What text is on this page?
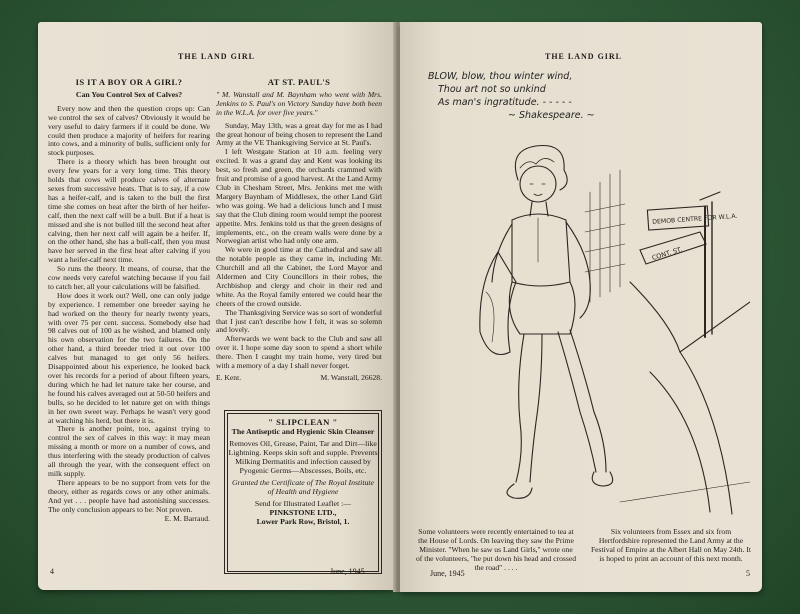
THE LAND GIRL
IS IT A BOY OR A GIRL?
Can You Control Sex of Calves?

Every now and then the question crops up: Can we control the sex of calves? Obviously it would be very useful to dairy farmers if it could be done. We could then produce a majority of heifers for rearing into cows, and a minority of bulls, sufficient only for stock purposes.

There is a theory which has been brought out every few years for a very long time. This theory holds that cows will produce calves of alternate sexes from successive heats. That is to say, if a cow has a heifer-calf, and is taken to the bull the first time she comes on heat after the birth of her heifer-calf, then the next calf will be a bull. But if a heat is missed and she is not bulled till the second heat after calving, then her next calf will again be a heifer. If, on the other hand, she has a bull-calf, then you must have her served in the first heat after calving if you want a heifer-calf next time.

So runs the theory. It means, of course, that the cow needs very careful watching because if you fail to catch her, all your calculations will be falsified.

How does it work out? Well, one can only judge by experience. I remember one breeder saying he had worked on the theory for nearly twenty years, with over 75 per cent. success. Somebody else had 98 calves out of 100 as he wished, and blamed only his own observation for the two failures. On the other hand, a third breeder tried it out over 100 calves but managed to get only 56 heifers. Disappointed about his experience, he looked back over his records for a period of about fifteen years, during which he had let nature take her course, and he found his calves averaged out at 50-50 heifers and bulls, so he decided to let nature get on with things in her own sweet way. Perhaps he wasn't very good at watching his herd, but there it is.

There is another point, too, against trying to control the sex of calves in this way: it may mean missing a month or more on a number of cows, and thus interfering with the steady production of calves all through the year, with the consequent effect on milk supply.

There appears to be no support from vets for the theory, either as regards cows or any other animals. And yet . . . people have had astonishing successes. The only conclusion appears to be: Not proven.

E. M. Barraud.

AT ST. PAUL'S

" M. Wanstall and M. Baynham who went with Mrs. Jenkins to S. Paul's on Victory Sunday have both been in the W.L.A. for over five years."

Sunday, May 13th, was a great day for me as I had the great honour of being chosen to represent the Land Army at the VE Thanksgiving Service at St. Paul's.

I left Westgate Station at 10 a.m. feeling very excited. It was a grand day and Kent was looking its best, so fresh and green, the orchards crammed with fruit and promise of a good harvest. At the Land Army Club in Chesham Street, Mrs. Jenkins met me with Margery Baynham of Middlesex, the other Land Girl who was going. We had a delicious lunch and I must say that the Club dining room would tempt the poorest appetite. Mrs. Jenkins told us that the green designs of implements, etc., on the cream walls were done by a Norwegian artist who had only one arm.

We were in good time at the Cathedral and saw all the notable people as they came in, including Mr. Churchill and all the Cabinet, the Lord Mayor and Aldermen and City Councillors in their robes, the Archbishop and clergy and choir in their red and white. As the Royal family entered we could hear the cheers of the crowd outside.

The Thanksgiving Service was so sort of wonderful that I just can't describe how I felt, it was so solemn and lovely.

Afterwards we went back to the Club and saw all over it. I hope some day soon to spend a short while there. Then I caught my train home, very tired but with a memory of a day I shall never forget.

E. Kent.	M. Wanstall, 26628.
" SLIPCLEAN "
The Antiseptic and Hygienic Skin Cleanser
Removes Oil, Grease, Paint, Tar and Dirt—like Lightning. Keeps skin soft and supple. Prevents Milking Dermatitis and infection caused by Pyogenic Germs—Abscesses, Boils, etc.
Granted the Certificate of The Royal Institute of Health and Hygiene
Send for Illustrated Leaflet :—
PINKSTONE LTD.,
Lower Park Row, Bristol, 1.
4	June, 1945
THE LAND GIRL
BLOW, blow, thou winter wind,
Thou art not so unkind
As man's ingratitude. - - - - -
~ Shakespeare. ~
DEMOB CENTRE FOR W.L.A.
CONT. ST.
Some volunteers were recently entertained to tea at the House of Lords. On leaving they saw the Prime Minister. "When he saw us Land Girls," wrote one of the volunteers, "he put down his head and crossed the road" . . . .
Six volunteers from Essex and six from Hertfordshire represented the Land Army at the Festival of Empire at the Albert Hall on May 24th. It is hoped to print an account of this next month.
June, 1945	5
